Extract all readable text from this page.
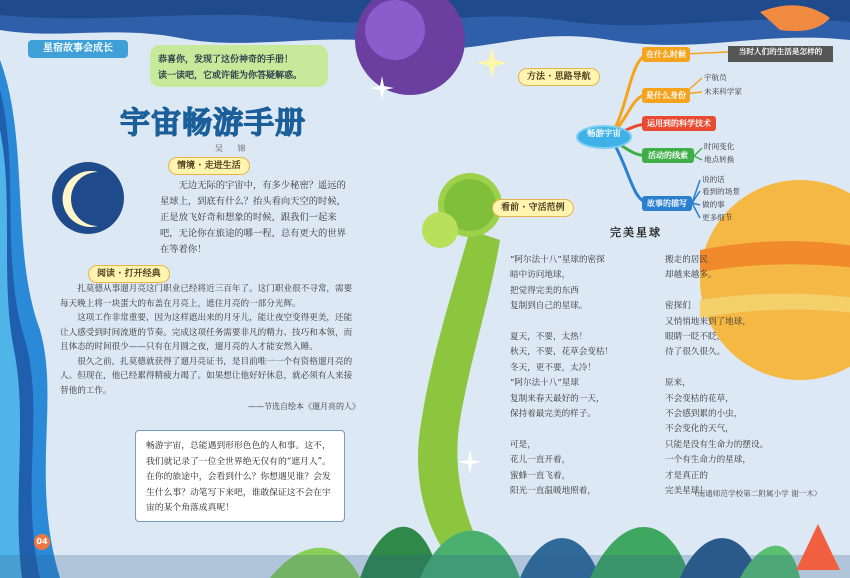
星宿故事会成长
恭喜你，发现了这份神奇的手册！
读一读吧，它或许能为你答疑解惑。
宇宙畅游手册
吴 锦
情境 · 走进生活
无边无际的宇宙中，有多少秘密？遥远的星球上，到底有什么？抬头看向天空的时候，正是放飞好奇和想象的时候，跟我们一起来吧，无论你在旅途的哪一程，总有更大的世界在等着你！
阅读 · 打开经典

扎莫德从事遛月亮这门职业已经将近三百年了。这门职业很不寻常，需要每天晚上将一块蛋大的布盖在月亮上，遮住月亮的一部分光辉。

这项工作非常重要，因为这样遮出来的月牙儿，能让夜空变得更美，还能让人感受到时间流逝的节奏。完成这项任务需要非凡的精力、技巧和本领，而且体态的时间很少——只有在月圆之夜，遛月亮的人才能安然入睡。

很久之前，扎莫德就获得了遛月亮证书，是目前唯一一个有资格遛月亮的人。但现在，他已经累得精疲力竭了。如果想让他好好休息，就必须有人来接替他的工作。

——节选自绘本《遛月亮的人》

畅游宇宙，总能遇到形形色色的人和事。这不，我们就记录了一位全世界绝无仅有的“遮月人”。在你的旅途中，会看到什么？你想遇见谁？会发生什么事？动笔写下来吧，谁敢保证这不会在宇宙的某个角落成真呢！
04
方法 · 思路导航
当时人们的生活是怎样的
畅游宇宙
在什么时候
是什么身份
运用到的科学技术
活动的线索
故事的描写
宇航员
未来科学家
时间变化
地点转换
说的话
看到的场景
做的事
更多细节
看前 · 守活范例
完美星球
“阿尔法十八”星球的密探
暗中访问地球，
把觉得完美的东西
复制到自己的星球。

夏天，不要，太热！
秋天，不要，花草会变枯！
冬天，更不要，太冷！
“阿尔法十八”星球
复制来春天最好的一天，
保持着最完美的样子。

可是，
花儿一直开着，
蜜蜂一直飞着，
阳光一直温暖地照着，
搬走的居民
却越来越多。

密探们
又悄悄地来到了地球，
眼睛一眨不眨，
待了很久很久。

原来，
不会变枯的花草，
不会感到累的小虫，
不会变化的天气，
只能是没有生命力的摆设。
一个有生命力的星球，
才是真正的
完美星球！
（南通师范学校第二附属小学 谢一木）
